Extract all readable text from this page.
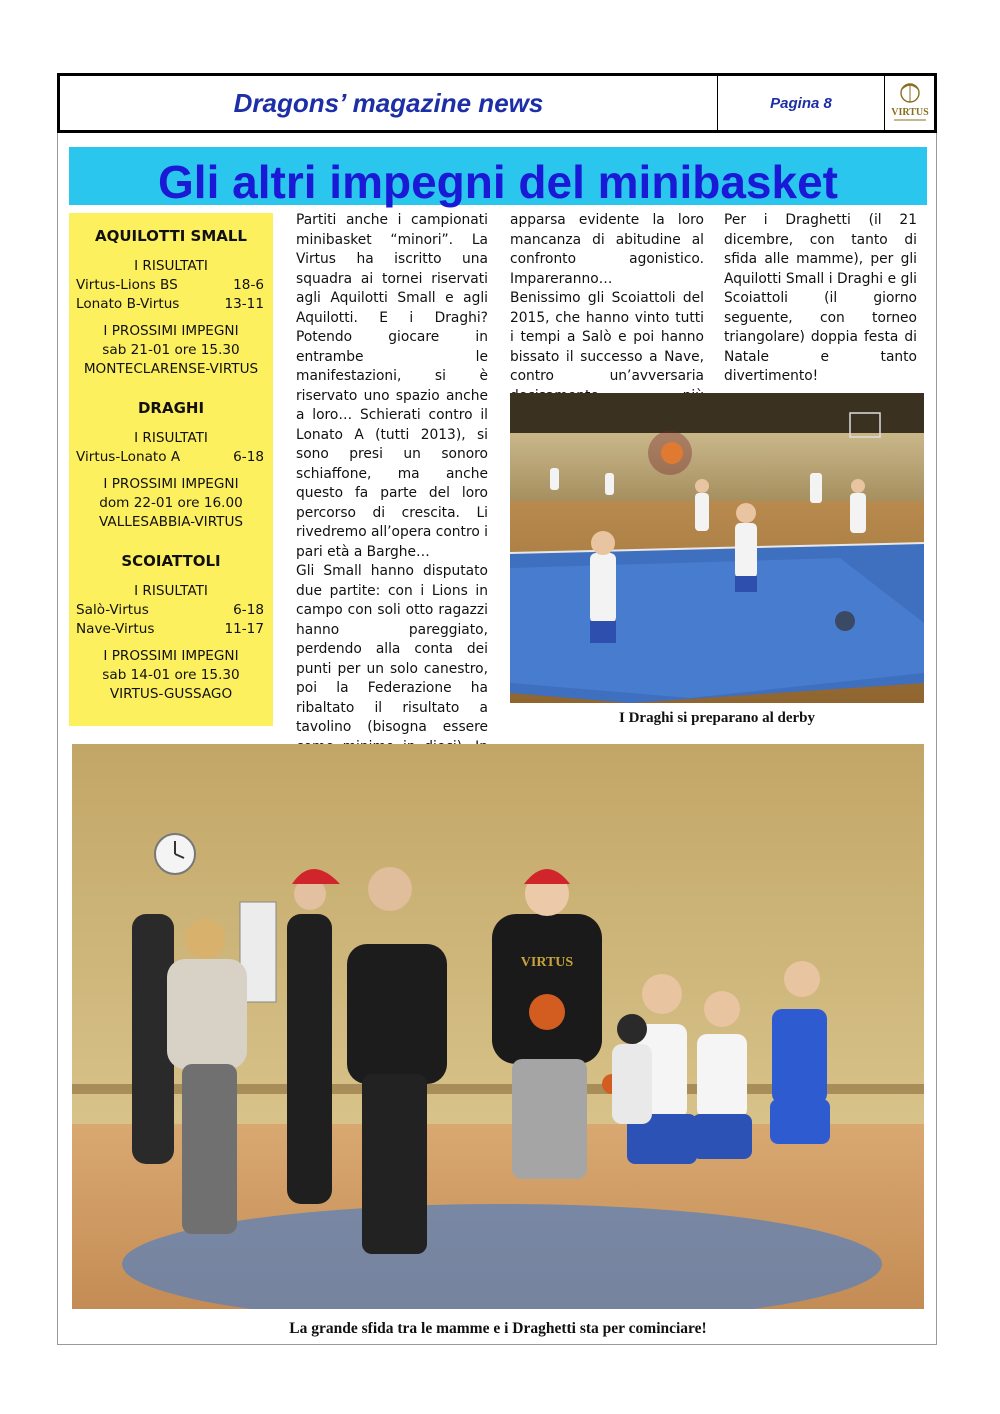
Dragons’ magazine news	Pagina 8
VIRTUS
Gli altri impegni del minibasket
AQUILOTTI SMALL
I RISULTATI
Virtus-Lions BS	18-6
Lonato B-Virtus	13-11
I PROSSIMI IMPEGNI
sab 21-01 ore 15.30
MONTECLARENSE-VIRTUS
DRAGHI
I RISULTATI
Virtus-Lonato A	6-18
I PROSSIMI IMPEGNI
dom 22-01 ore 16.00
VALLESABBIA-VIRTUS
SCOIATTOLI
I RISULTATI
Salò-Virtus	6-18
Nave-Virtus	11-17
I PROSSIMI IMPEGNI
sab 14-01 ore 15.30
VIRTUS-GUSSAGO

Partiti anche i campionati minibasket “minori”. La Virtus ha iscritto una squadra ai tornei riservati agli Aquilotti Small e agli Aquilotti. E i Draghi? Potendo giocare in entrambe le manifestazioni, si è riservato uno spazio anche a loro… Schierati contro il Lonato A (tutti 2013), si sono presi un sonoro schiaffone, ma anche questo fa parte del loro percorso di crescita. Li rivedremo all’opera contro i pari età a Barghe…

Gli Small hanno disputato due partite: con i Lions in campo con soli otto ragazzi hanno pareggiato, perdendo alla conta dei punti per un solo canestro, poi la Federazione ha ribaltato il risultato a tavolino (bisogna essere

apparsa evidente la loro mancanza di abitudine al confronto agonistico. Impareranno…

Benissimo gli Scoiattoli del 2015, che hanno vinto tutti i tempi a Salò e poi hanno bissato il successo a Nave, contro un’avversaria

Per i Draghetti (il 21 dicembre, con tanto di sfida alle mamme), per gli Aquilotti Small i Draghi e gli Scoiattoli (il giorno seguente, con torneo triangolare) doppia festa di Natale e tanto divertimento!

I Draghi si preparano al derby
VIRTUS
La grande sfida tra le mamme e i Draghetti sta per cominciare!
